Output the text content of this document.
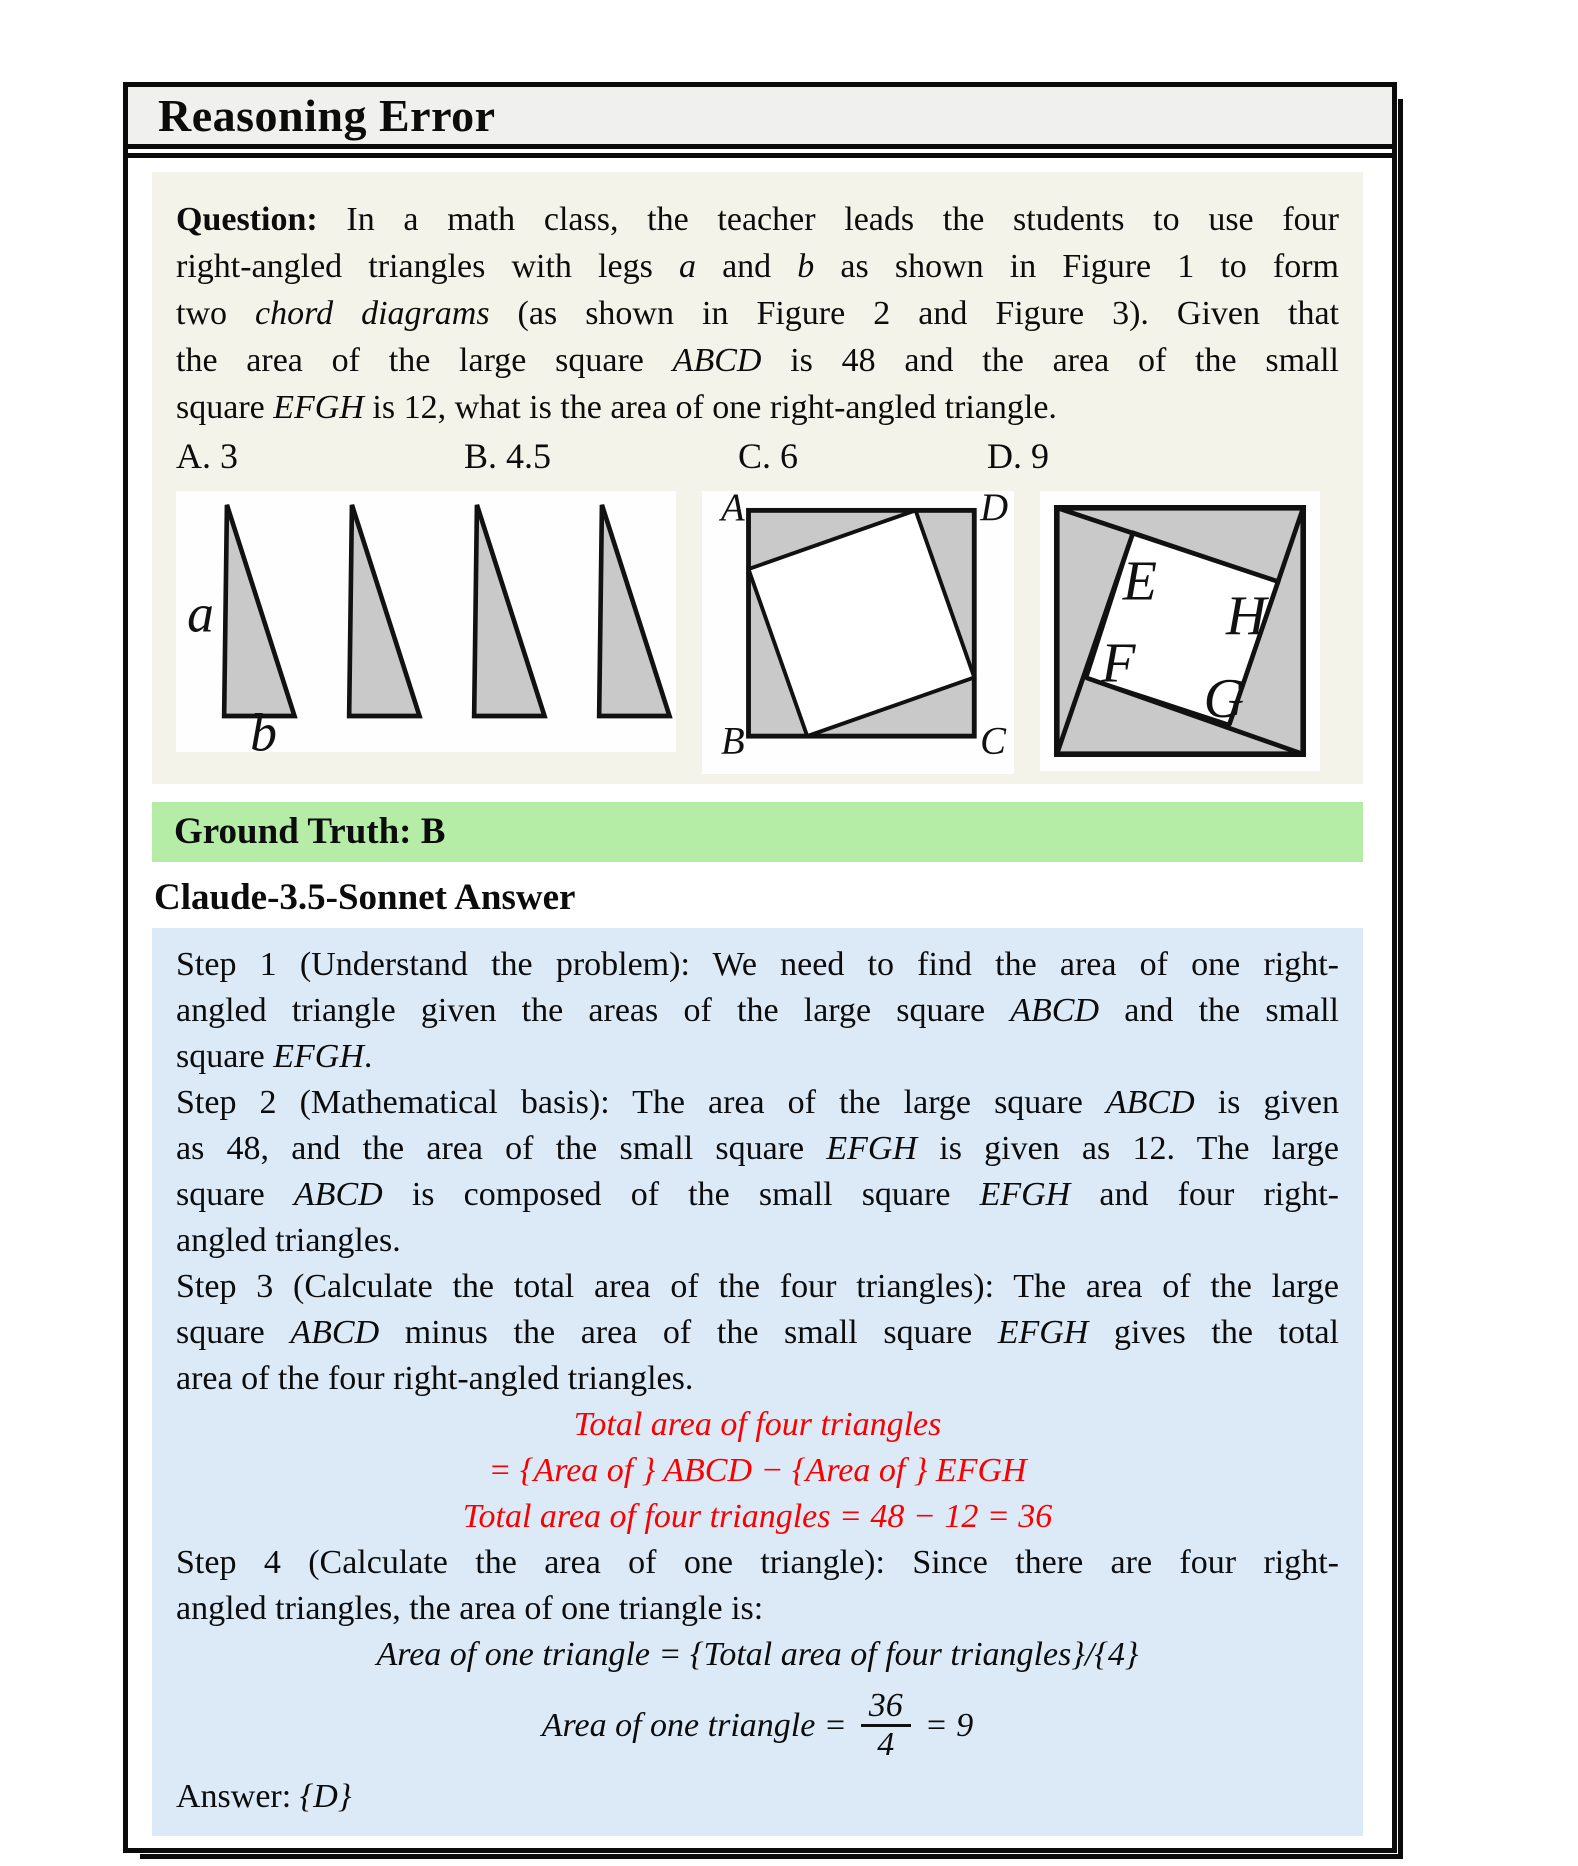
Reasoning Error
Question: In a math class, the teacher leads the students to use four
right-angled triangles with legs a and b as shown in Figure 1 to form
two chord diagrams (as shown in Figure 2 and Figure 3). Given that
the area of the large square ABCD is 48 and the area of the small
square EFGH is 12, what is the area of one right-angled triangle.
A. 3	B. 4.5	C. 6	D. 9
a
b
A	D
B	C
E
H
F
G
Ground Truth: B
Claude-3.5-Sonnet Answer
Step 1 (Understand the problem): We need to find the area of one right-
angled triangle given the areas of the large square ABCD and the small
square EFGH.
Step 2 (Mathematical basis): The area of the large square ABCD is given
as 48, and the area of the small square EFGH is given as 12. The large
square ABCD is composed of the small square EFGH and four right-
angled triangles.
Step 3 (Calculate the total area of the four triangles): The area of the large
square ABCD minus the area of the small square EFGH gives the total
area of the four right-angled triangles.
Total area of four triangles
= {Area of } ABCD − {Area of } EFGH
Total area of four triangles = 48 − 12 = 36
Step 4 (Calculate the area of one triangle): Since there are four right-
angled triangles, the area of one triangle is:
Area of one triangle = {Total area of four triangles}/{4}
Area of one triangle = $\frac{36}{4} = 9$
Answer: {D}
